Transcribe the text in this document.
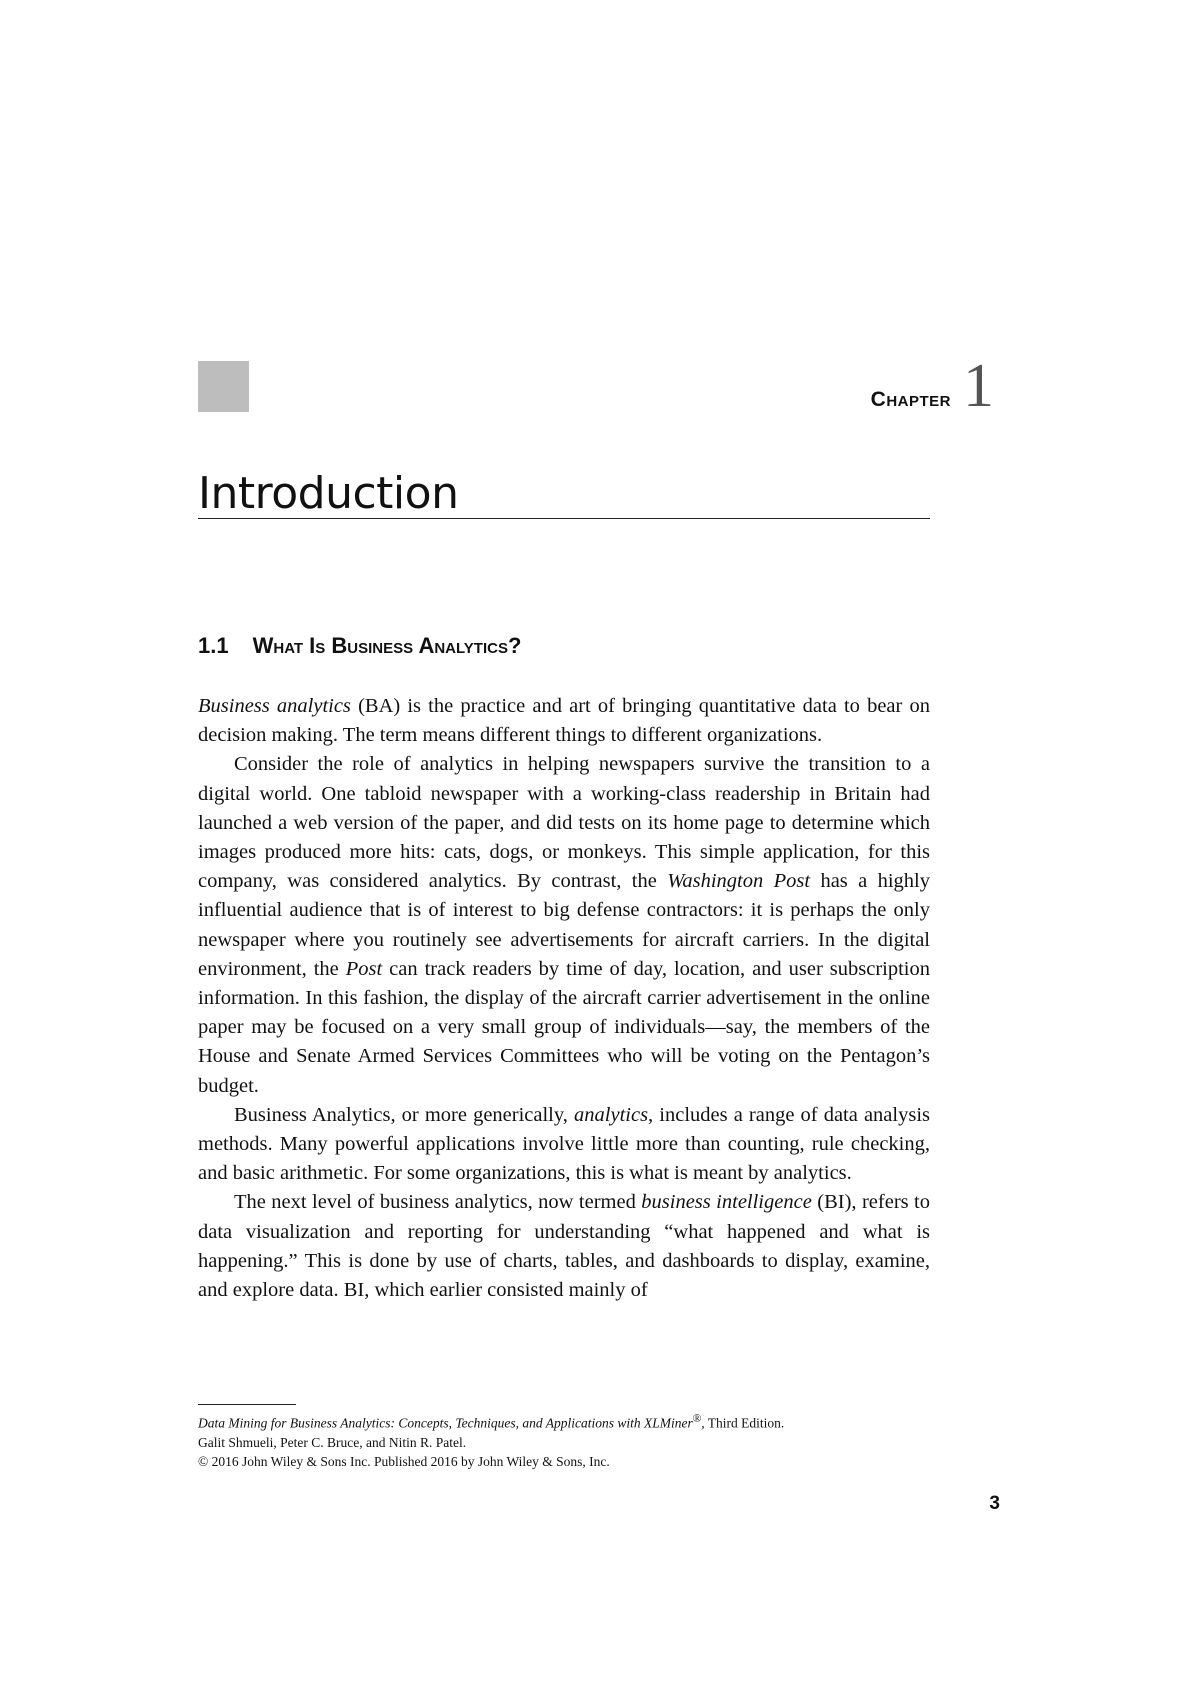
Chapter 1
Introduction
1.1 What Is Business Analytics?

Business analytics (BA) is the practice and art of bringing quantitative data to bear on decision making. The term means different things to different organizations.

Consider the role of analytics in helping newspapers survive the transition to a digital world. One tabloid newspaper with a working-class readership in Britain had launched a web version of the paper, and did tests on its home page to determine which images produced more hits: cats, dogs, or monkeys. This simple application, for this company, was considered analytics. By contrast, the Washington Post has a highly influential audience that is of interest to big defense contractors: it is perhaps the only newspaper where you routinely see advertisements for aircraft carriers. In the digital environment, the Post can track readers by time of day, location, and user subscription information. In this fashion, the display of the aircraft carrier advertisement in the online paper may be focused on a very small group of individuals—say, the members of the House and Senate Armed Services Committees who will be voting on the Pentagon’s budget.

Business Analytics, or more generically, analytics, includes a range of data analysis methods. Many powerful applications involve little more than counting, rule checking, and basic arithmetic. For some organizations, this is what is meant by analytics.

The next level of business analytics, now termed business intelligence (BI), refers to data visualization and reporting for understanding “what happened and what is happening.” This is done by use of charts, tables, and dashboards to display, examine, and explore data. BI, which earlier consisted mainly of

Data Mining for Business Analytics: Concepts, Techniques, and Applications with XLMiner®, Third Edition.
Galit Shmueli, Peter C. Bruce, and Nitin R. Patel.
© 2016 John Wiley & Sons Inc. Published 2016 by John Wiley & Sons, Inc.
3
